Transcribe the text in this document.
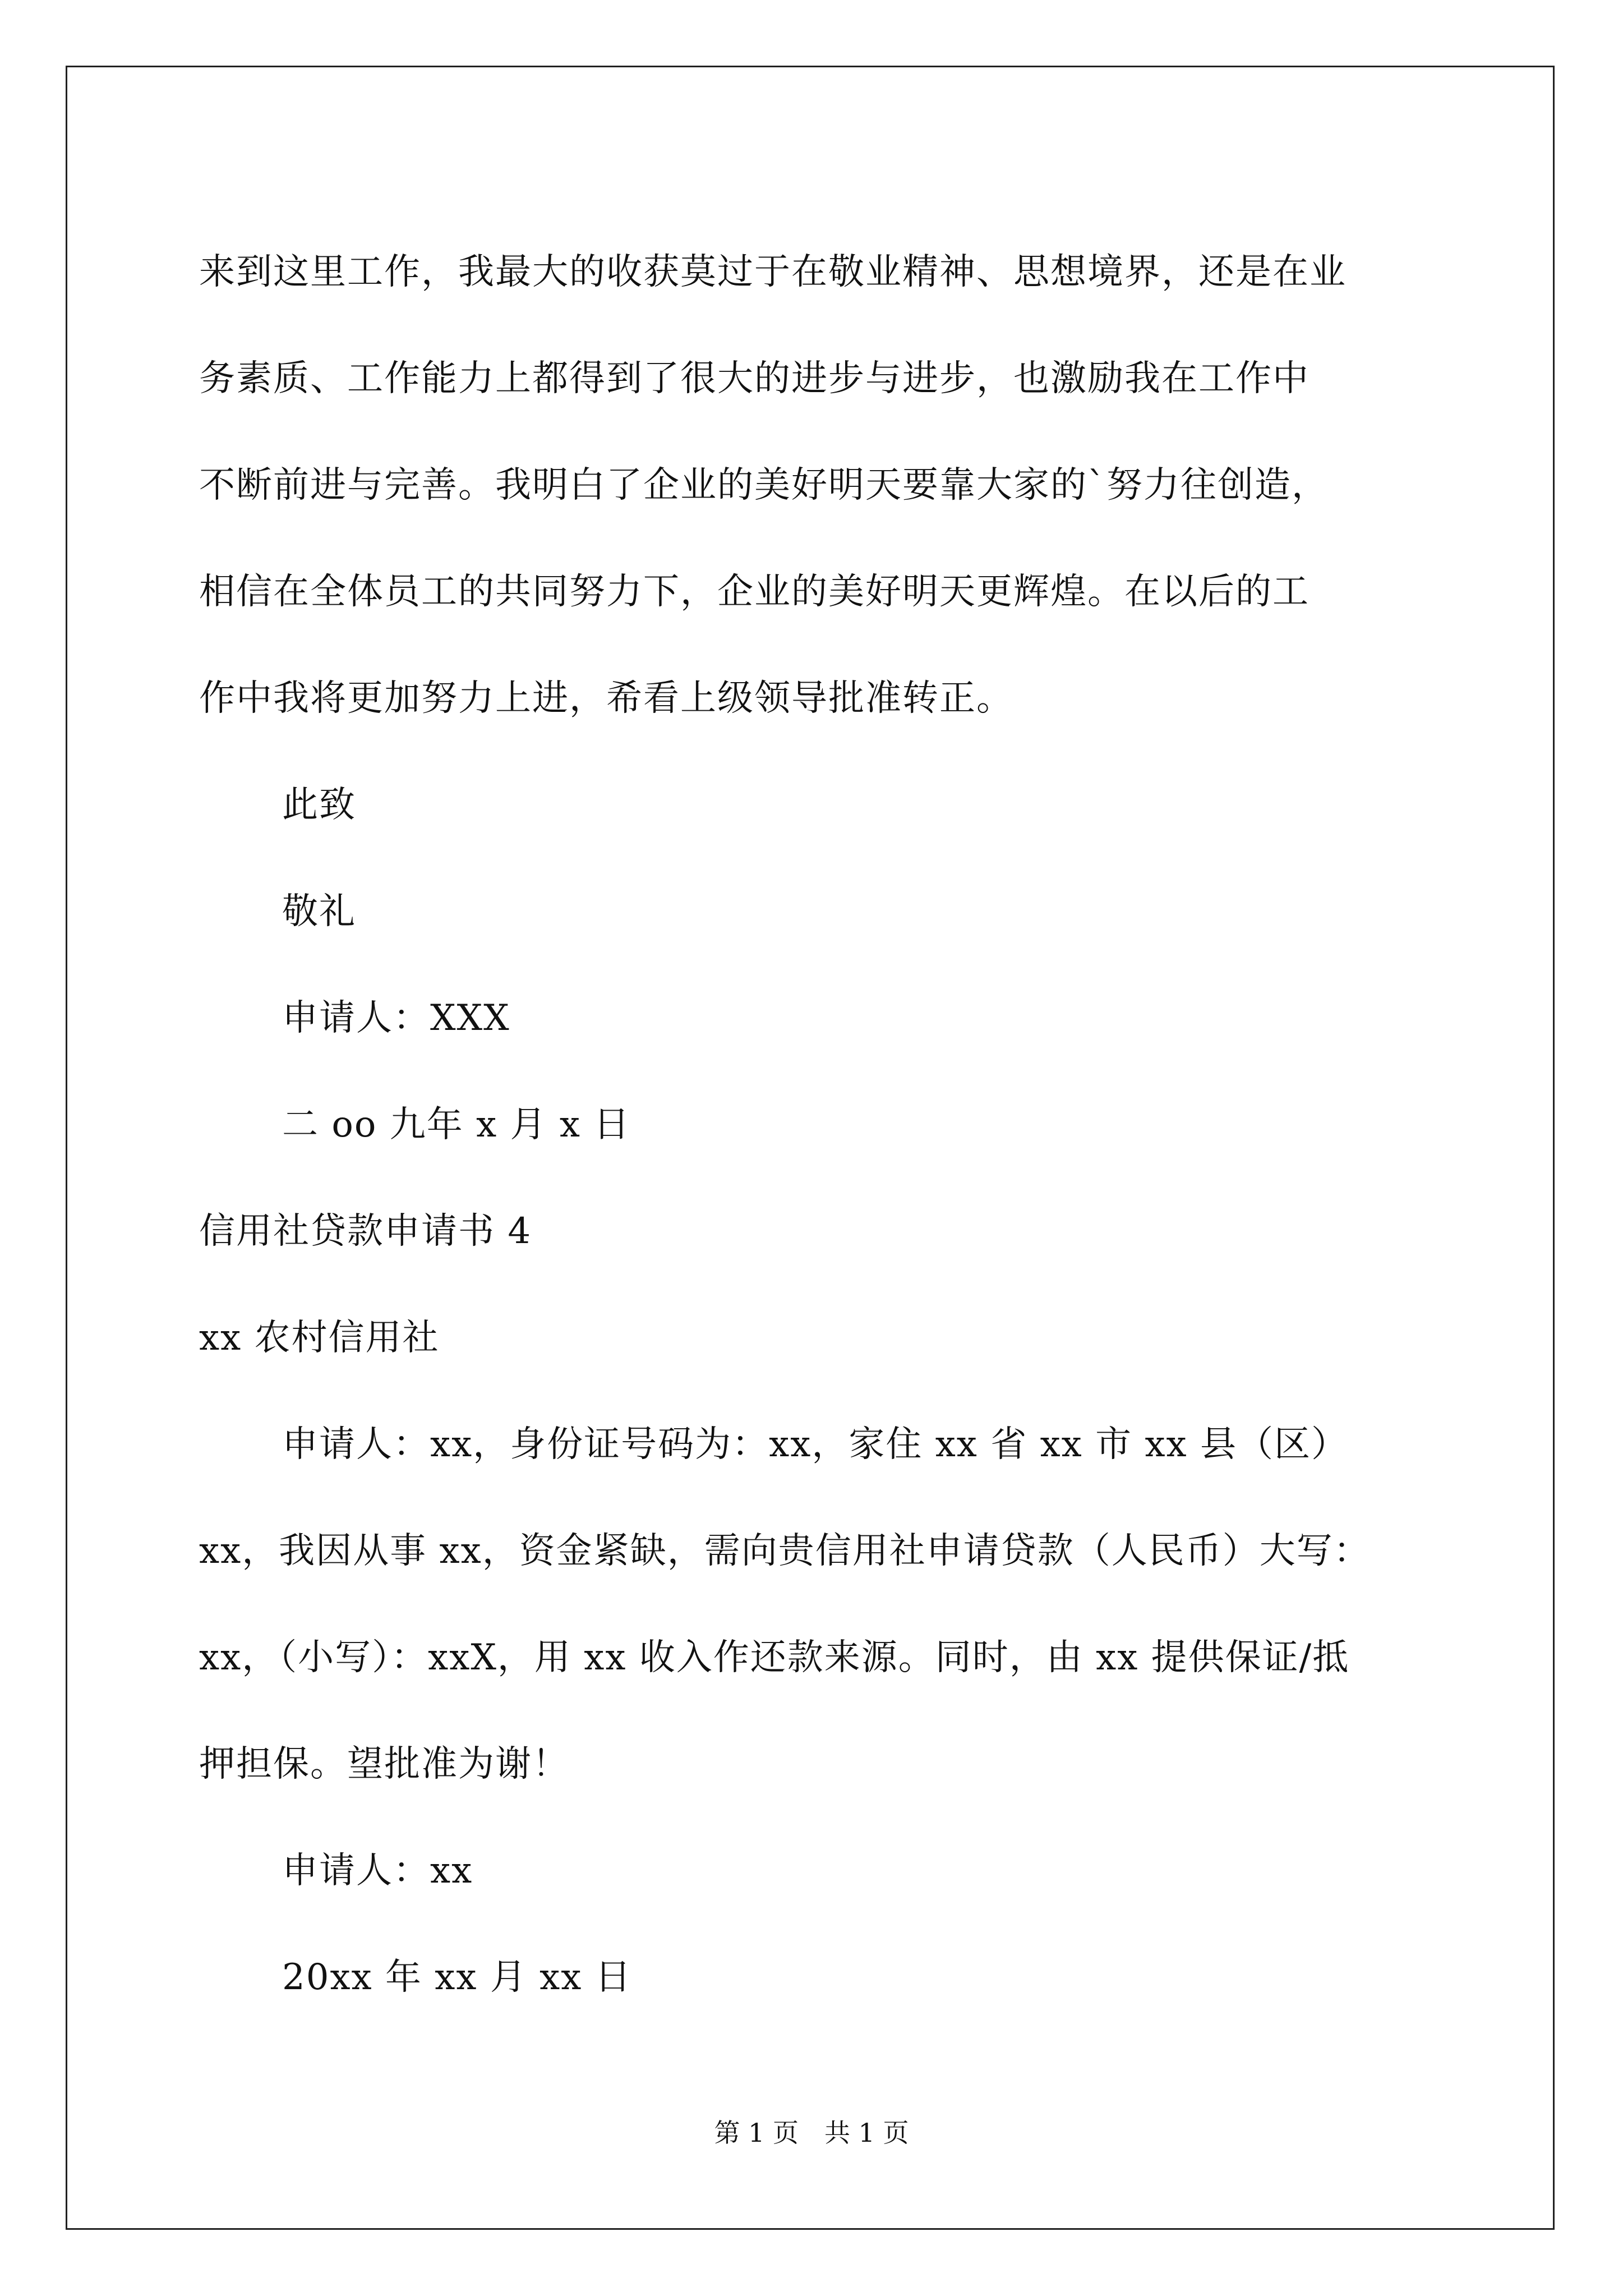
来到这里工作，我最大的收获莫过于在敬业精神、思想境界，还是在业
务素质、工作能力上都得到了很大的进步与进步，也激励我在工作中
不断前进与完善。我明白了企业的美好明天要靠大家的`努力往创造，
相信在全体员工的共同努力下，企业的美好明天更辉煌。在以后的工
作中我将更加努力上进，希看上级领导批准转正。
此致
敬礼
申请人：XXX
二 oo 九年 x 月 x 日
信用社贷款申请书 4
xx 农村信用社
申请人：xx，身份证号码为：xx，家住 xx 省 xx 市 xx 县（区）
xx，我因从事 xx，资金紧缺，需向贵信用社申请贷款（人民币）大写：
xx，（小写）：xxX，用 xx 收入作还款来源。同时，由 xx 提供保证/抵
押担保。望批准为谢！
申请人：xx
20xx 年 xx 月 xx 日
第 1 页　共 1 页
